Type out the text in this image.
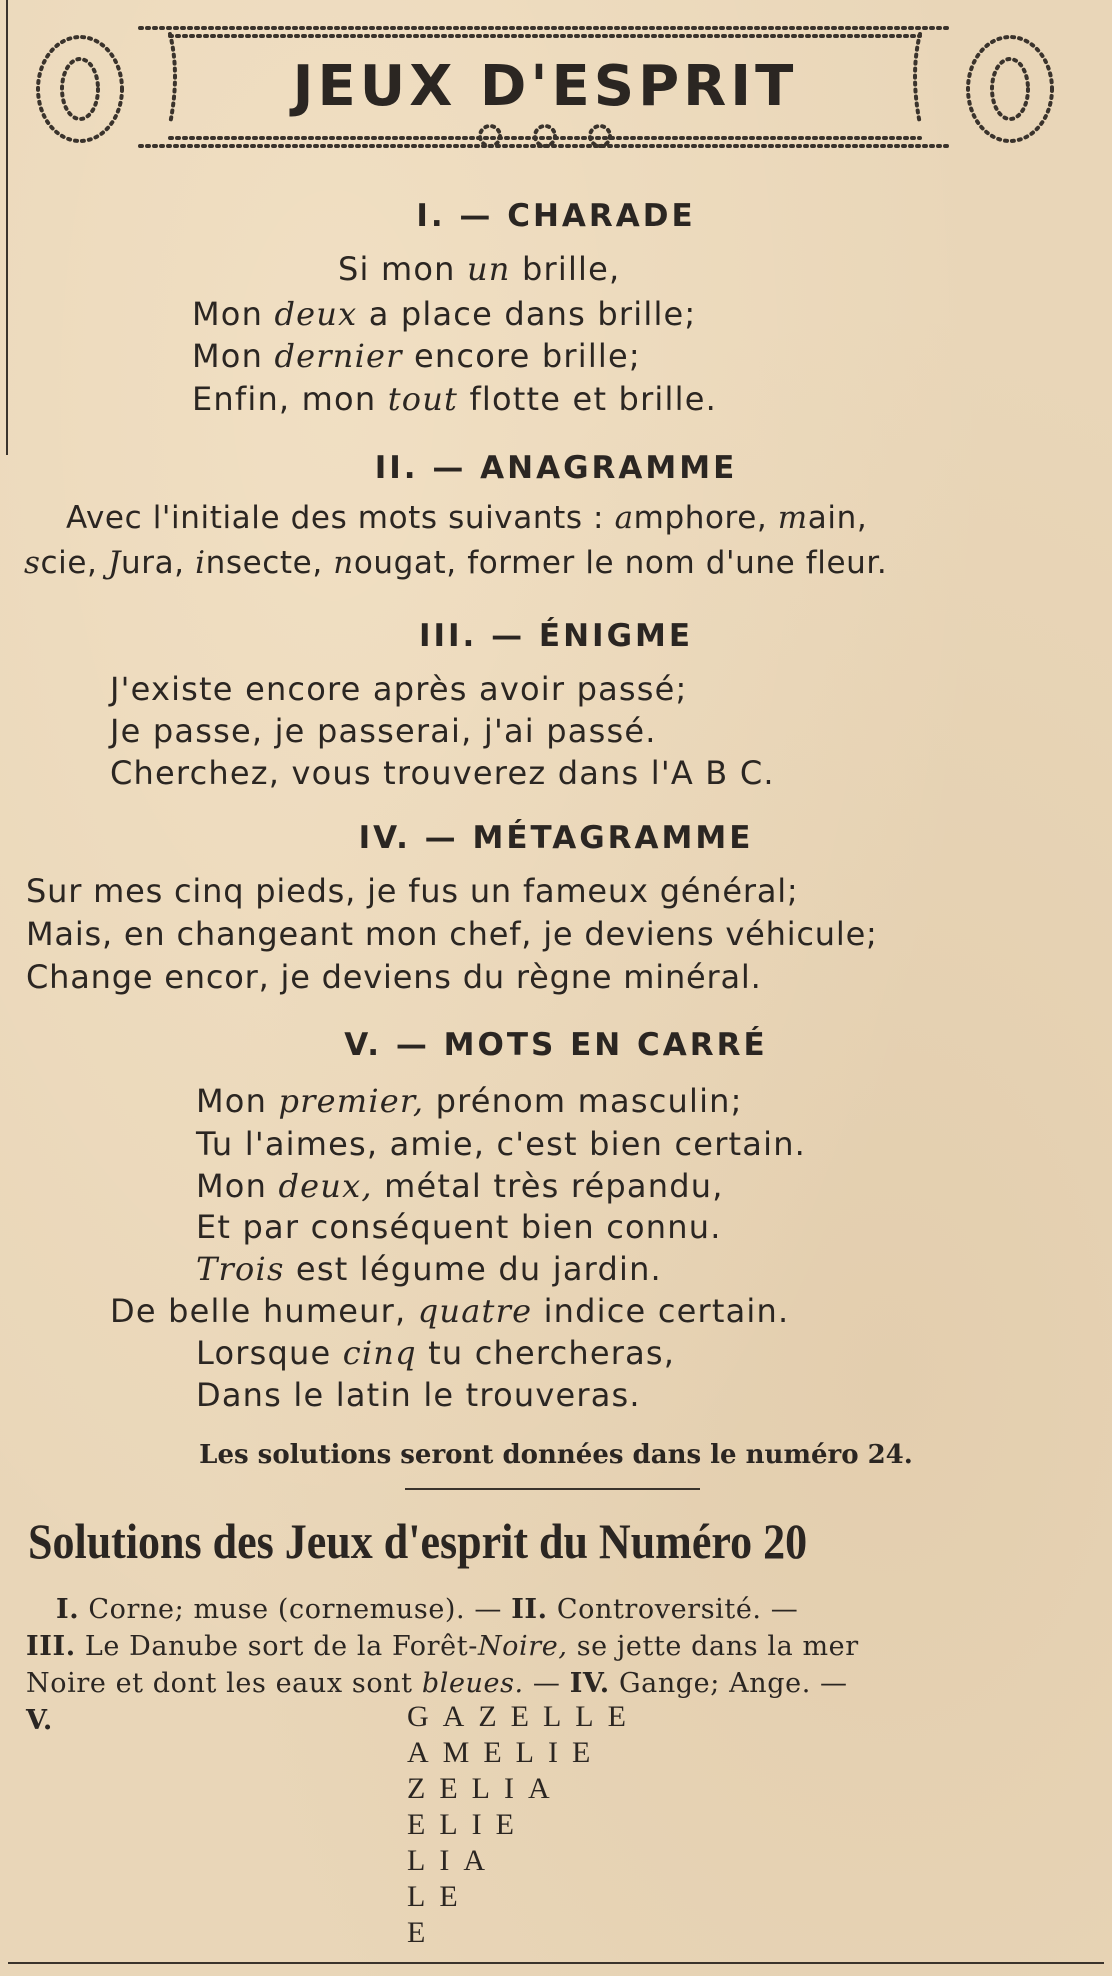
JEUX D'ESPRIT
I. — CHARADE
Si mon un brille,
Mon deux a place dans brille;
Mon dernier encore brille;
Enfin, mon tout flotte et brille.
II. — ANAGRAMME
Avec l'initiale des mots suivants : amphore, main,
scie, Jura, insecte, nougat, former le nom d'une fleur.
III. — ÉNIGME
J'existe encore après avoir passé;
Je passe, je passerai, j'ai passé.
Cherchez, vous trouverez dans l'A B C.
IV. — MÉTAGRAMME
Sur mes cinq pieds, je fus un fameux général;
Mais, en changeant mon chef, je deviens véhicule;
Change encor, je deviens du règne minéral.
V. — MOTS EN CARRÉ
Mon premier, prénom masculin;
Tu l'aimes, amie, c'est bien certain.
Mon deux, métal très répandu,
Et par conséquent bien connu.
Trois est légume du jardin.
De belle humeur, quatre indice certain.
Lorsque cinq tu chercheras,
Dans le latin le trouveras.
Les solutions seront données dans le numéro 24.
Solutions des Jeux d'esprit du Numéro 20
I. Corne; muse (cornemuse). — II. Controversité. —
III. Le Danube sort de la Forêt-Noire, se jette dans la mer
Noire et dont les eaux sont bleues. — IV. Gange; Ange. —
V.	GAZELLE
AMELIE
ZELIA
ELIE
LIA
LE
E
